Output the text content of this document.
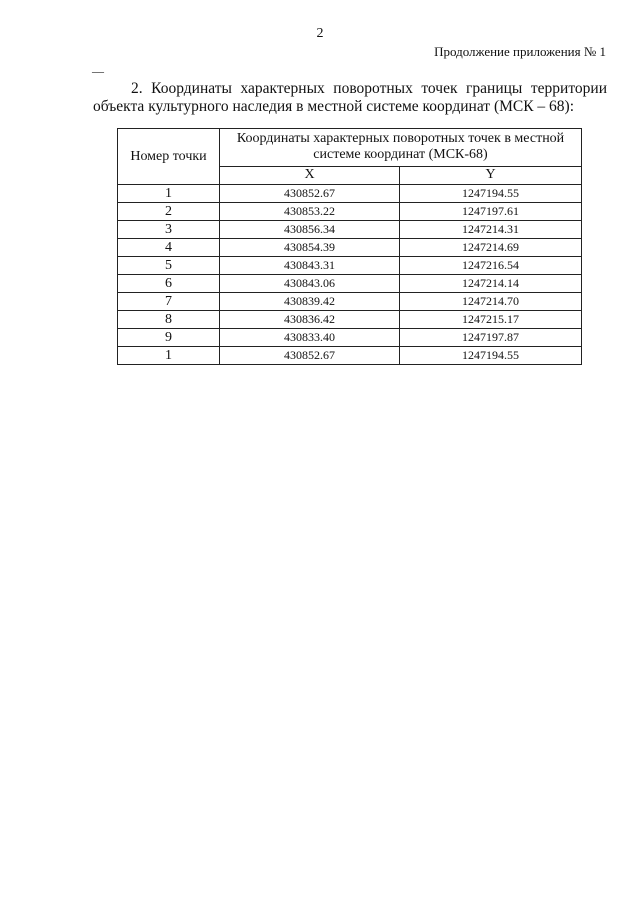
2
Продолжение приложения № 1
—

2. Координаты характерных поворотных точек границы территории объекта культурного наследия в местной системе координат (МСК – 68):

Номер точки	Координаты характерных поворотных точек в местной системе координат (МСК-68)	
	X	Y
1	430852.67	1247194.55
2	430853.22	1247197.61
3	430856.34	1247214.31
4	430854.39	1247214.69
5	430843.31	1247216.54
6	430843.06	1247214.14
7	430839.42	1247214.70
8	430836.42	1247215.17
9	430833.40	1247197.87
1	430852.67	1247194.55
